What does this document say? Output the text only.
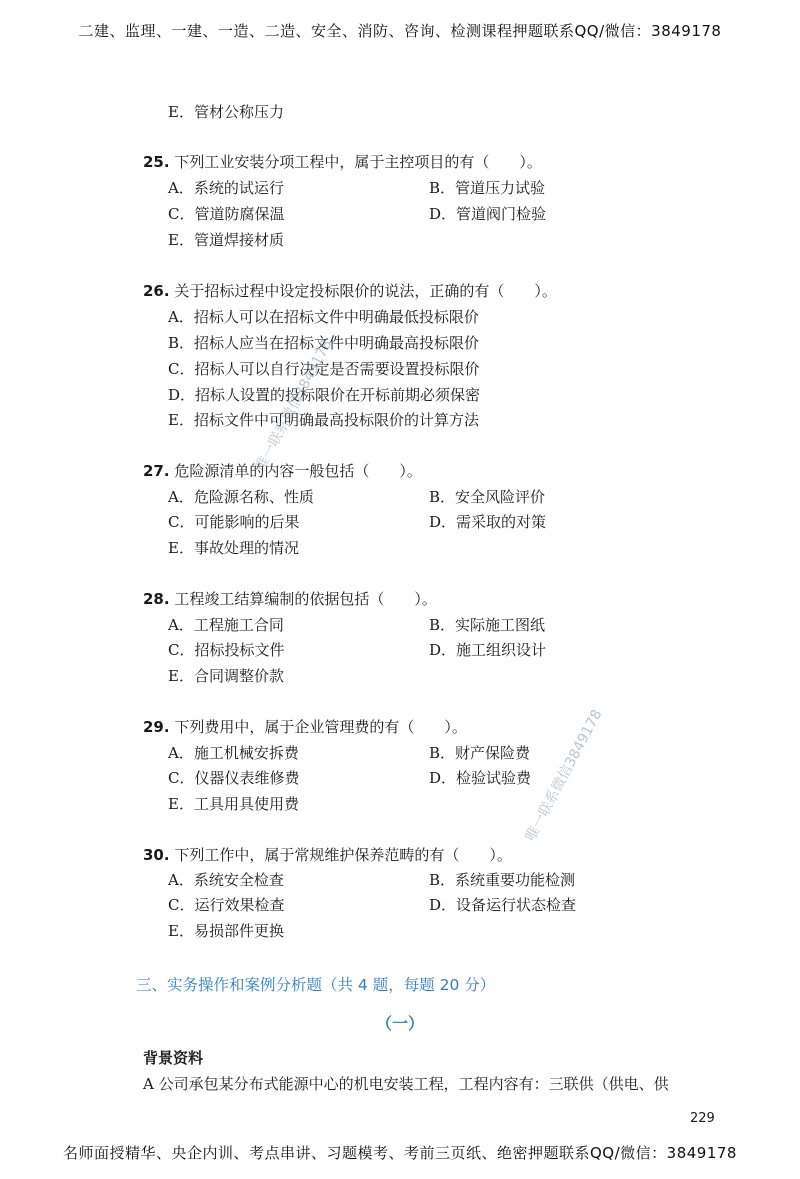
二建、监理、一建、一造、二造、安全、消防、咨询、检测课程押题联系QQ/微信：3849178
E．管材公称压力
25. 下列工业安装分项工程中，属于主控项目的有（　　）。
A．系统的试运行	B．管道压力试验
C．管道防腐保温	D．管道阀门检验
E．管道焊接材质
26. 关于招标过程中设定投标限价的说法，正确的有（　　）。
A．招标人可以在招标文件中明确最低投标限价
B．招标人应当在招标文件中明确最高投标限价
C．招标人可以自行决定是否需要设置投标限价
D．招标人设置的投标限价在开标前期必须保密
E．招标文件中可明确最高投标限价的计算方法
27. 危险源清单的内容一般包括（　　）。
A．危险源名称、性质	B．安全风险评价
C．可能影响的后果	D．需采取的对策
E．事故处理的情况
28. 工程竣工结算编制的依据包括（　　）。
A．工程施工合同	B．实际施工图纸
C．招标投标文件	D．施工组织设计
E．合同调整价款
29. 下列费用中，属于企业管理费的有（　　）。
A．施工机械安拆费	B．财产保险费
C．仪器仪表维修费	D．检验试验费
E．工具用具使用费
30. 下列工作中，属于常规维护保养范畴的有（　　）。
A．系统安全检查	B．系统重要功能检测
C．运行效果检查	D．设备运行状态检查
E．易损部件更换
三、实务操作和案例分析题（共 4 题，每题 20 分）
（一）
背景资料
A 公司承包某分布式能源中心的机电安装工程，工程内容有：三联供（供电、供
229
唯一联系微信3849178
唯一联系微信3849178
名师面授精华、央企内训、考点串讲、习题模考、考前三页纸、绝密押题联系QQ/微信：3849178
